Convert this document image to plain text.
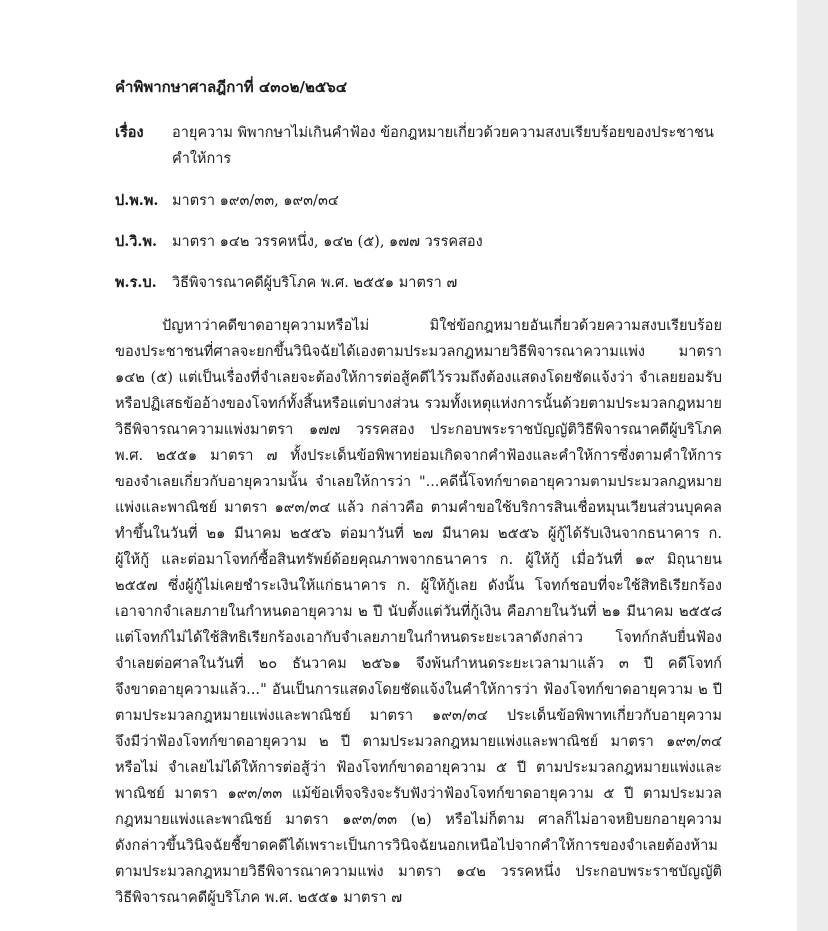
คำพิพากษาศาลฎีกาที่ ๔๓๐๒/๒๕๖๔
เรื่อง อายุความ พิพากษาไม่เกินคำฟ้อง ข้อกฎหมายเกี่ยวด้วยความสงบเรียบร้อยของประชาชน
คำให้การ
ป.พ.พ. มาตรา ๑๙๓/๓๓, ๑๙๓/๓๔
ป.วิ.พ. มาตรา ๑๔๒ วรรคหนึ่ง, ๑๔๒ (๕), ๑๗๗ วรรคสอง
พ.ร.บ. วิธีพิจารณาคดีผู้บริโภค พ.ศ. ๒๕๕๑ มาตรา ๗
ปัญหาว่าคดีขาดอายุความหรือไม่ มิใช่ข้อกฎหมายอันเกี่ยวด้วยความสงบเรียบร้อย
ของประชาชนที่ศาลจะยกขึ้นวินิจฉัยได้เองตามประมวลกฎหมายวิธีพิจารณาความแพ่ง มาตรา
๑๔๒ (๕) แต่เป็นเรื่องที่จำเลยจะต้องให้การต่อสู้คดีไว้รวมถึงต้องแสดงโดยชัดแจ้งว่า จำเลยยอมรับ
หรือปฏิเสธข้ออ้างของโจทก์ทั้งสิ้นหรือแต่บางส่วน รวมทั้งเหตุแห่งการนั้นด้วยตามประมวลกฎหมาย
วิธีพิจารณาความแพ่งมาตรา ๑๗๗ วรรคสอง ประกอบพระราชบัญญัติวิธีพิจารณาคดีผู้บริโภค
พ.ศ. ๒๕๕๑ มาตรา ๗ ทั้งประเด็นข้อพิพาทย่อมเกิดจากคำฟ้องและคำให้การซึ่งตามคำให้การ
ของจำเลยเกี่ยวกับอายุความนั้น จำเลยให้การว่า "...คดีนี้โจทก์ขาดอายุความตามประมวลกฎหมาย
แพ่งและพาณิชย์ มาตรา ๑๙๓/๓๔ แล้ว กล่าวคือ ตามคำขอใช้บริการสินเชื่อหมุนเวียนส่วนบุคคล
ทำขึ้นในวันที่ ๒๑ มีนาคม ๒๕๕๖ ต่อมาวันที่ ๒๗ มีนาคม ๒๕๕๖ ผู้กู้ได้รับเงินจากธนาคาร ก.
ผู้ให้กู้ และต่อมาโจทก์ซื้อสินทรัพย์ด้อยคุณภาพจากธนาคาร ก. ผู้ให้กู้ เมื่อวันที่ ๑๙ มิถุนายน
๒๕๕๗ ซึ่งผู้กู้ไม่เคยชำระเงินให้แก่ธนาคาร ก. ผู้ให้กู้เลย ดังนั้น โจทก์ชอบที่จะใช้สิทธิเรียกร้อง
เอาจากจำเลยภายในกำหนดอายุความ ๒ ปี นับตั้งแต่วันที่กู้เงิน คือภายในวันที่ ๒๑ มีนาคม ๒๕๕๘
แต่โจทก์ไม่ได้ใช้สิทธิเรียกร้องเอากับจำเลยภายในกำหนดระยะเวลาดังกล่าว โจทก์กลับยื่นฟ้อง
จำเลยต่อศาลในวันที่ ๒๐ ธันวาคม ๒๕๖๑ จึงพ้นกำหนดระยะเวลามาแล้ว ๓ ปี คดีโจทก์
จึงขาดอายุความแล้ว..." อันเป็นการแสดงโดยชัดแจ้งในคำให้การว่า ฟ้องโจทก์ขาดอายุความ ๒ ปี
ตามประมวลกฎหมายแพ่งและพาณิชย์ มาตรา ๑๙๓/๓๔ ประเด็นข้อพิพาทเกี่ยวกับอายุความ
จึงมีว่าฟ้องโจทก์ขาดอายุความ ๒ ปี ตามประมวลกฎหมายแพ่งและพาณิชย์ มาตรา ๑๙๓/๓๔
หรือไม่ จำเลยไม่ได้ให้การต่อสู้ว่า ฟ้องโจทก์ขาดอายุความ ๕ ปี ตามประมวลกฎหมายแพ่งและ
พาณิชย์ มาตรา ๑๙๓/๓๓ แม้ข้อเท็จจริงจะรับฟังว่าฟ้องโจทก์ขาดอายุความ ๕ ปี ตามประมวล
กฎหมายแพ่งและพาณิชย์ มาตรา ๑๙๓/๓๓ (๒) หรือไม่ก็ตาม ศาลก็ไม่อาจหยิบยกอายุความ
ดังกล่าวขึ้นวินิจฉัยชี้ขาดคดีได้เพราะเป็นการวินิจฉัยนอกเหนือไปจากคำให้การของจำเลยต้องห้าม
ตามประมวลกฎหมายวิธีพิจารณาความแพ่ง มาตรา ๑๔๒ วรรคหนึ่ง ประกอบพระราชบัญญัติ
วิธีพิจารณาคดีผู้บริโภค พ.ศ. ๒๕๕๑ มาตรา ๗
